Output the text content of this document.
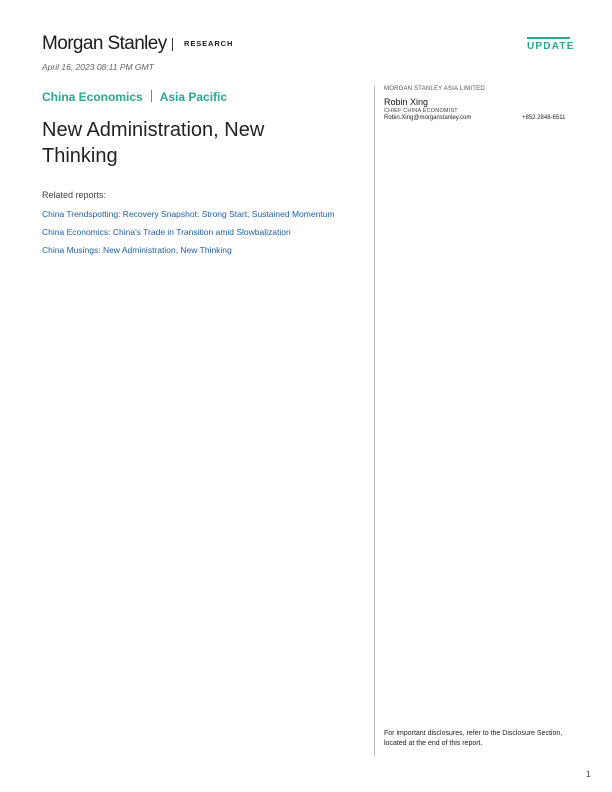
Morgan Stanley RESEARCH	UPDATE
April 16, 2023 08:11 PM GMT
China Economics Asia Pacific
New Administration, New Thinking
Related reports:
China Trendspotting: Recovery Snapshot: Strong Start, Sustained Momentum
China Economics: China's Trade in Transition amid Slowbalization
China Musings: New Administration, New Thinking
MORGAN STANLEY ASIA LIMITED
Robin Xing
CHIEF CHINA ECONOMIST
Robin.Xing@morganstanley.com	+852 2848-6511
For important disclosures, refer to the Disclosure Section, located at the end of this report.
1
